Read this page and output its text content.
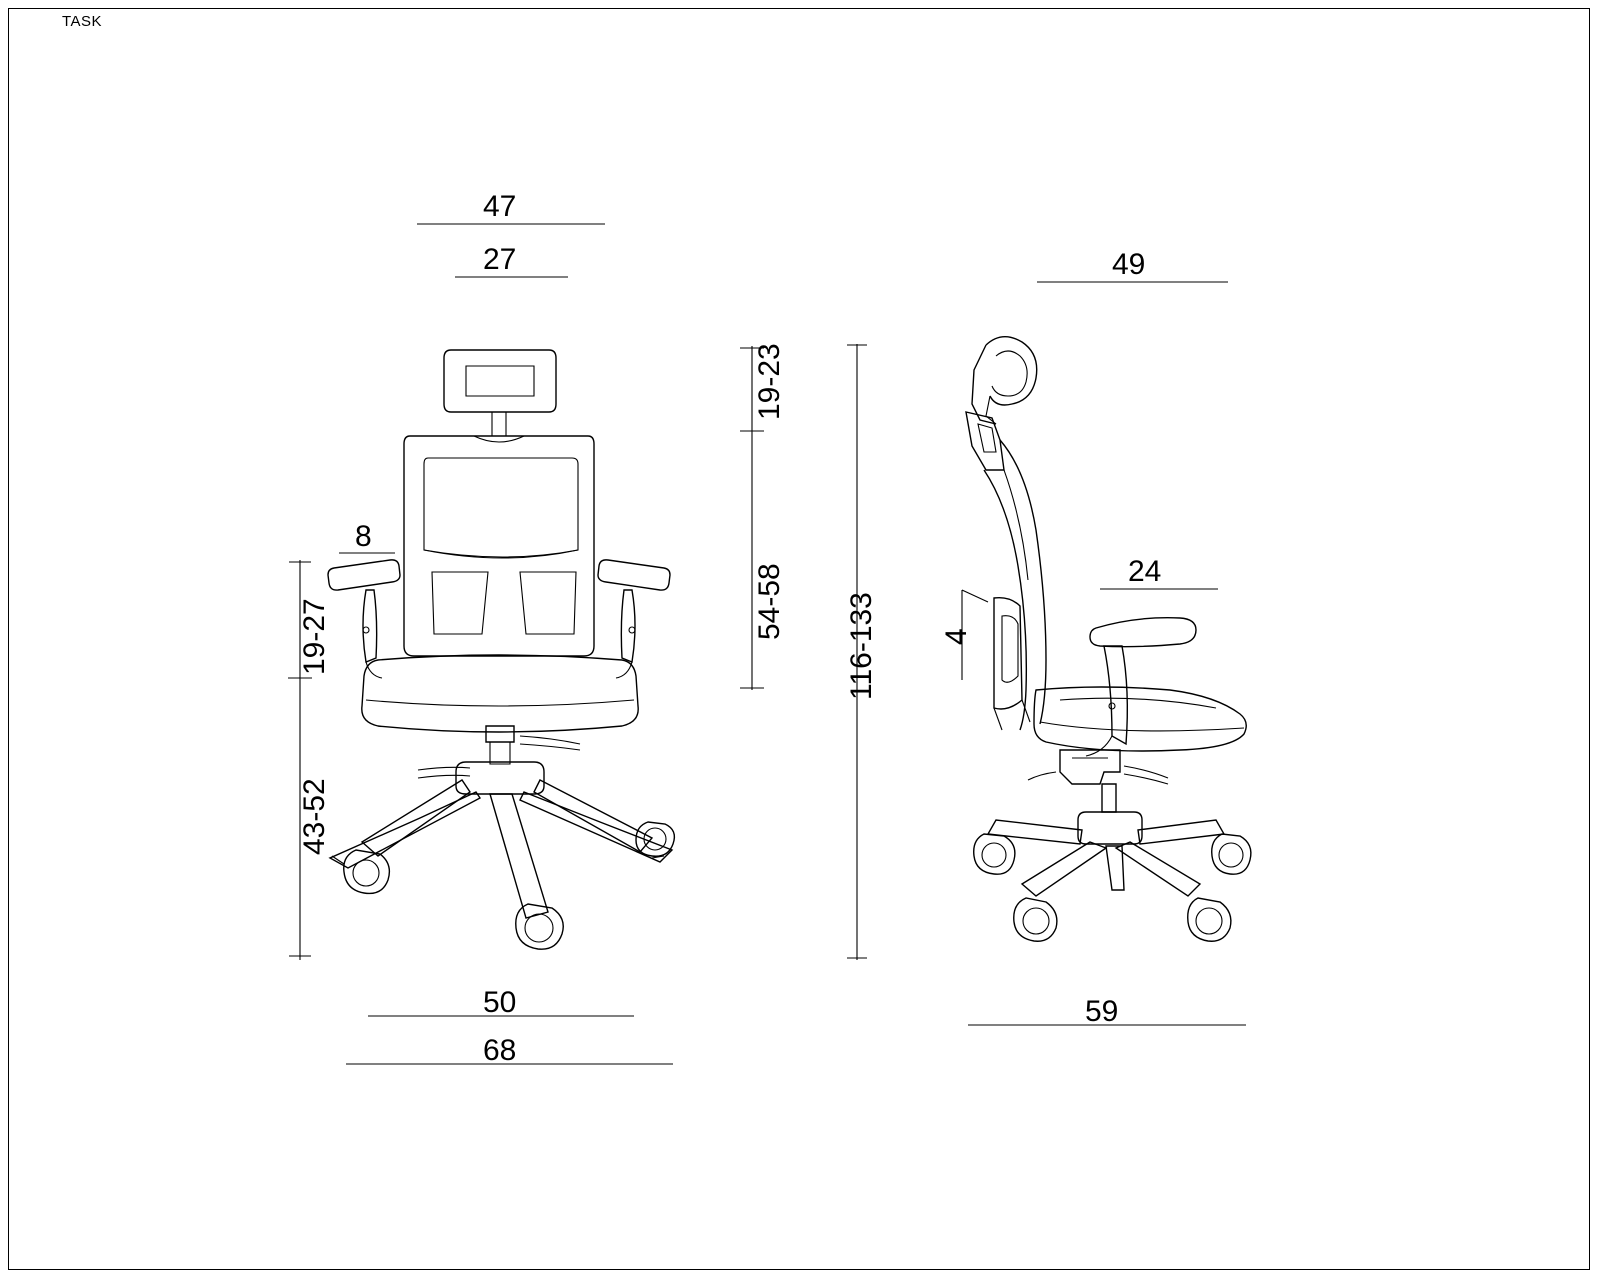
TASK
47
27
8
19-27
43-52
19-23
54-58 116-133
50
68
49
4
24
59
